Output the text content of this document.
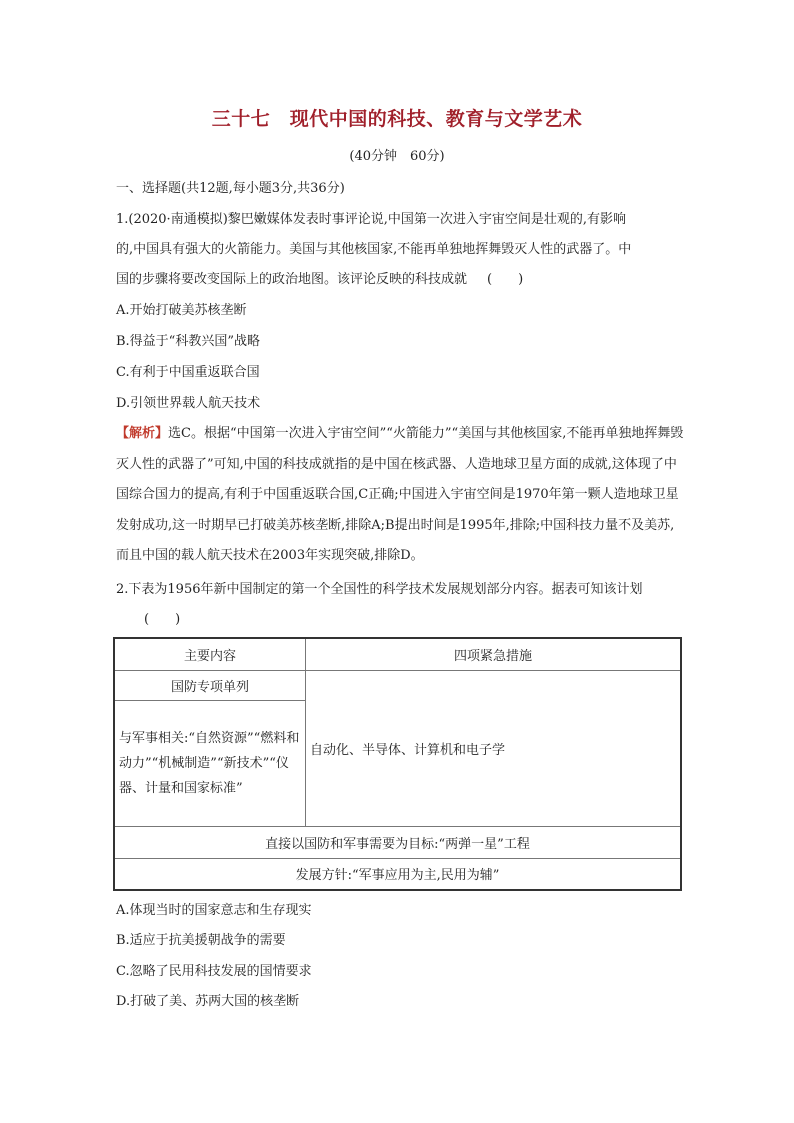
三十七　现代中国的科技、教育与文学艺术
(40分钟　60分)
一、选择题(共12题,每小题3分,共36分)
1.(2020·南通模拟)黎巴嫩媒体发表时事评论说,中国第一次进入宇宙空间是壮观的,有影响
的,中国具有强大的火箭能力。美国与其他核国家,不能再单独地挥舞毁灭人性的武器了。中
国的步骤将要改变国际上的政治地图。该评论反映的科技成就 (　　)
A.开始打破美苏核垄断
B.得益于“科教兴国”战略
C.有利于中国重返联合国
D.引领世界载人航天技术
【解析】选C。根据“中国第一次进入宇宙空间”“火箭能力”“美国与其他核国家,不能再单独地挥舞毁灭人性的武器了”可知,中国的科技成就指的是中国在核武器、人造地球卫星方面的成就,这体现了中国综合国力的提高,有利于中国重返联合国,C正确;中国进入宇宙空间是1970年第一颗人造地球卫星发射成功,这一时期早已打破美苏核垄断,排除A;B提出时间是1995年,排除;中国科技力量不及美苏,而且中国的载人航天技术在2003年实现突破,排除D。
2.下表为1956年新中国制定的第一个全国性的科学技术发展规划部分内容。据表可知该计划
(　　)
主要内容	四项紧急措施
国防专项单列	自动化、半导体、计算机和电子学
与军事相关:“自然资源”“燃料和动力”“机械制造”“新技术”“仪器、计量和国家标准”	
直接以国防和军事需要为目标:“两弹一星”工程	
发展方针:“军事应用为主,民用为辅”	
A.体现当时的国家意志和生存现实
B.适应于抗美援朝战争的需要
C.忽略了民用科技发展的国情要求
D.打破了美、苏两大国的核垄断
